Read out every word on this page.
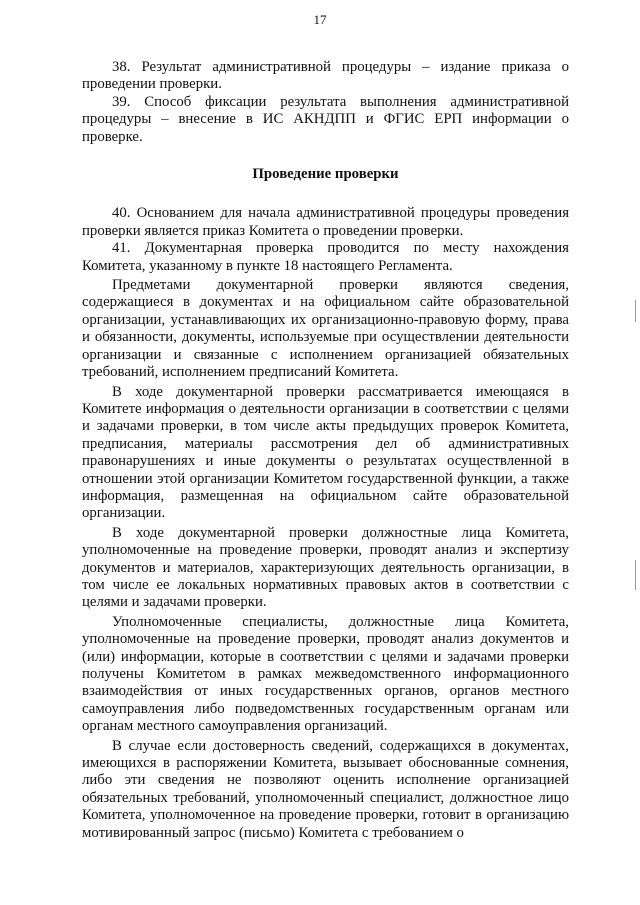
17

38. Результат административной процедуры – издание приказа о проведении проверки.

39. Способ фиксации результата выполнения административной процедуры – внесение в ИС АКНДПП и ФГИС ЕРП информации о проверке.

Проведение проверки

40. Основанием для начала административной процедуры проведения проверки является приказ Комитета о проведении проверки.

41. Документарная проверка проводится по месту нахождения Комитета, указанному в пункте 18 настоящего Регламента.

Предметами документарной проверки являются сведения, содержащиеся в документах и на официальном сайте образовательной организации, устанавливающих их организационно-правовую форму, права и обязанности, документы, используемые при осуществлении деятельности организации и связанные с исполнением организацией обязательных требований, исполнением предписаний Комитета.

В ходе документарной проверки рассматривается имеющаяся в Комитете информация о деятельности организации в соответствии с целями и задачами проверки, в том числе акты предыдущих проверок Комитета, предписания, материалы рассмотрения дел об административных правонарушениях и иные документы о результатах осуществленной в отношении этой организации Комитетом государственной функции, а также информация, размещенная на официальном сайте образовательной организации.

В ходе документарной проверки должностные лица Комитета, уполномоченные на проведение проверки, проводят анализ и экспертизу документов и материалов, характеризующих деятельность организации, в том числе ее локальных нормативных правовых актов в соответствии с целями и задачами проверки.

Уполномоченные специалисты, должностные лица Комитета, уполномоченные на проведение проверки, проводят анализ документов и (или) информации, которые в соответствии с целями и задачами проверки получены Комитетом в рамках межведомственного информационного взаимодействия от иных государственных органов, органов местного самоуправления либо подведомственных государственным органам или органам местного самоуправления организаций.

В случае если достоверность сведений, содержащихся в документах, имеющихся в распоряжении Комитета, вызывает обоснованные сомнения, либо эти сведения не позволяют оценить исполнение организацией обязательных требований, уполномоченный специалист, должностное лицо Комитета, уполномоченное на проведение проверки, готовит в организацию мотивированный запрос (письмо) Комитета с требованием о
